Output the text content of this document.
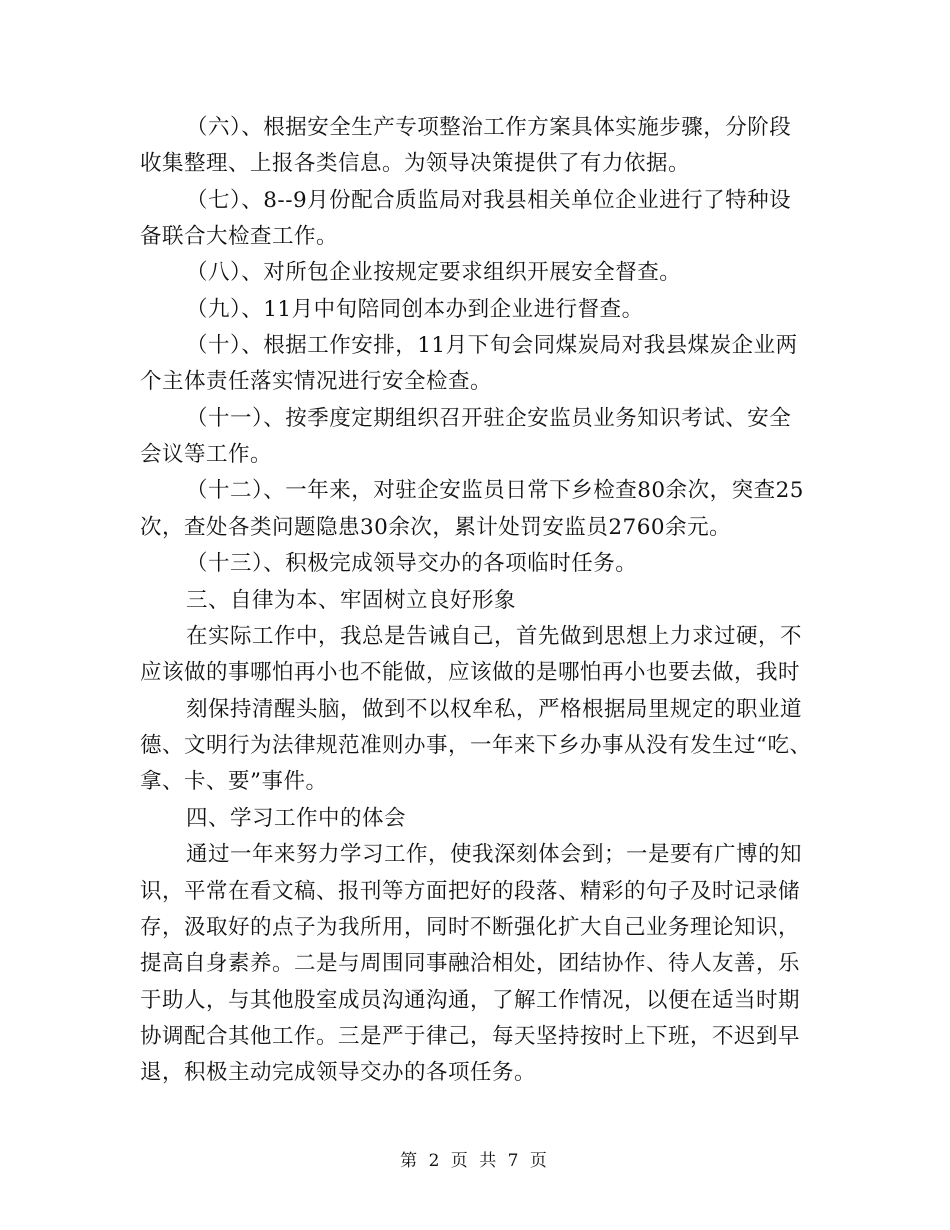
（六）、根据安全生产专项整治工作方案具体实施步骤，分阶段
收集整理、上报各类信息。为领导决策提供了有力依据。
（七）、8--9月份配合质监局对我县相关单位企业进行了特种设
备联合大检查工作。
（八）、对所包企业按规定要求组织开展安全督查。
（九）、11月中旬陪同创本办到企业进行督查。
（十）、根据工作安排，11月下旬会同煤炭局对我县煤炭企业两
个主体责任落实情况进行安全检查。
（十一）、按季度定期组织召开驻企安监员业务知识考试、安全
会议等工作。
（十二）、一年来，对驻企安监员日常下乡检查80余次，突查25
次，查处各类问题隐患30余次，累计处罚安监员2760余元。
（十三）、积极完成领导交办的各项临时任务。
三、自律为本、牢固树立良好形象
在实际工作中，我总是告诫自己，首先做到思想上力求过硬，不
应该做的事哪怕再小也不能做，应该做的是哪怕再小也要去做，我时
刻保持清醒头脑，做到不以权牟私，严格根据局里规定的职业道
德、文明行为法律规范准则办事，一年来下乡办事从没有发生过“吃、
拿、卡、要”事件。
四、学习工作中的体会
通过一年来努力学习工作，使我深刻体会到；一是要有广博的知
识，平常在看文稿、报刊等方面把好的段落、精彩的句子及时记录储
存，汲取好的点子为我所用，同时不断强化扩大自己业务理论知识，
提高自身素养。二是与周围同事融洽相处，团结协作、待人友善，乐
于助人，与其他股室成员沟通沟通，了解工作情况，以便在适当时期
协调配合其他工作。三是严于律己，每天坚持按时上下班，不迟到早
退，积极主动完成领导交办的各项任务。
第 2 页 共 7 页
